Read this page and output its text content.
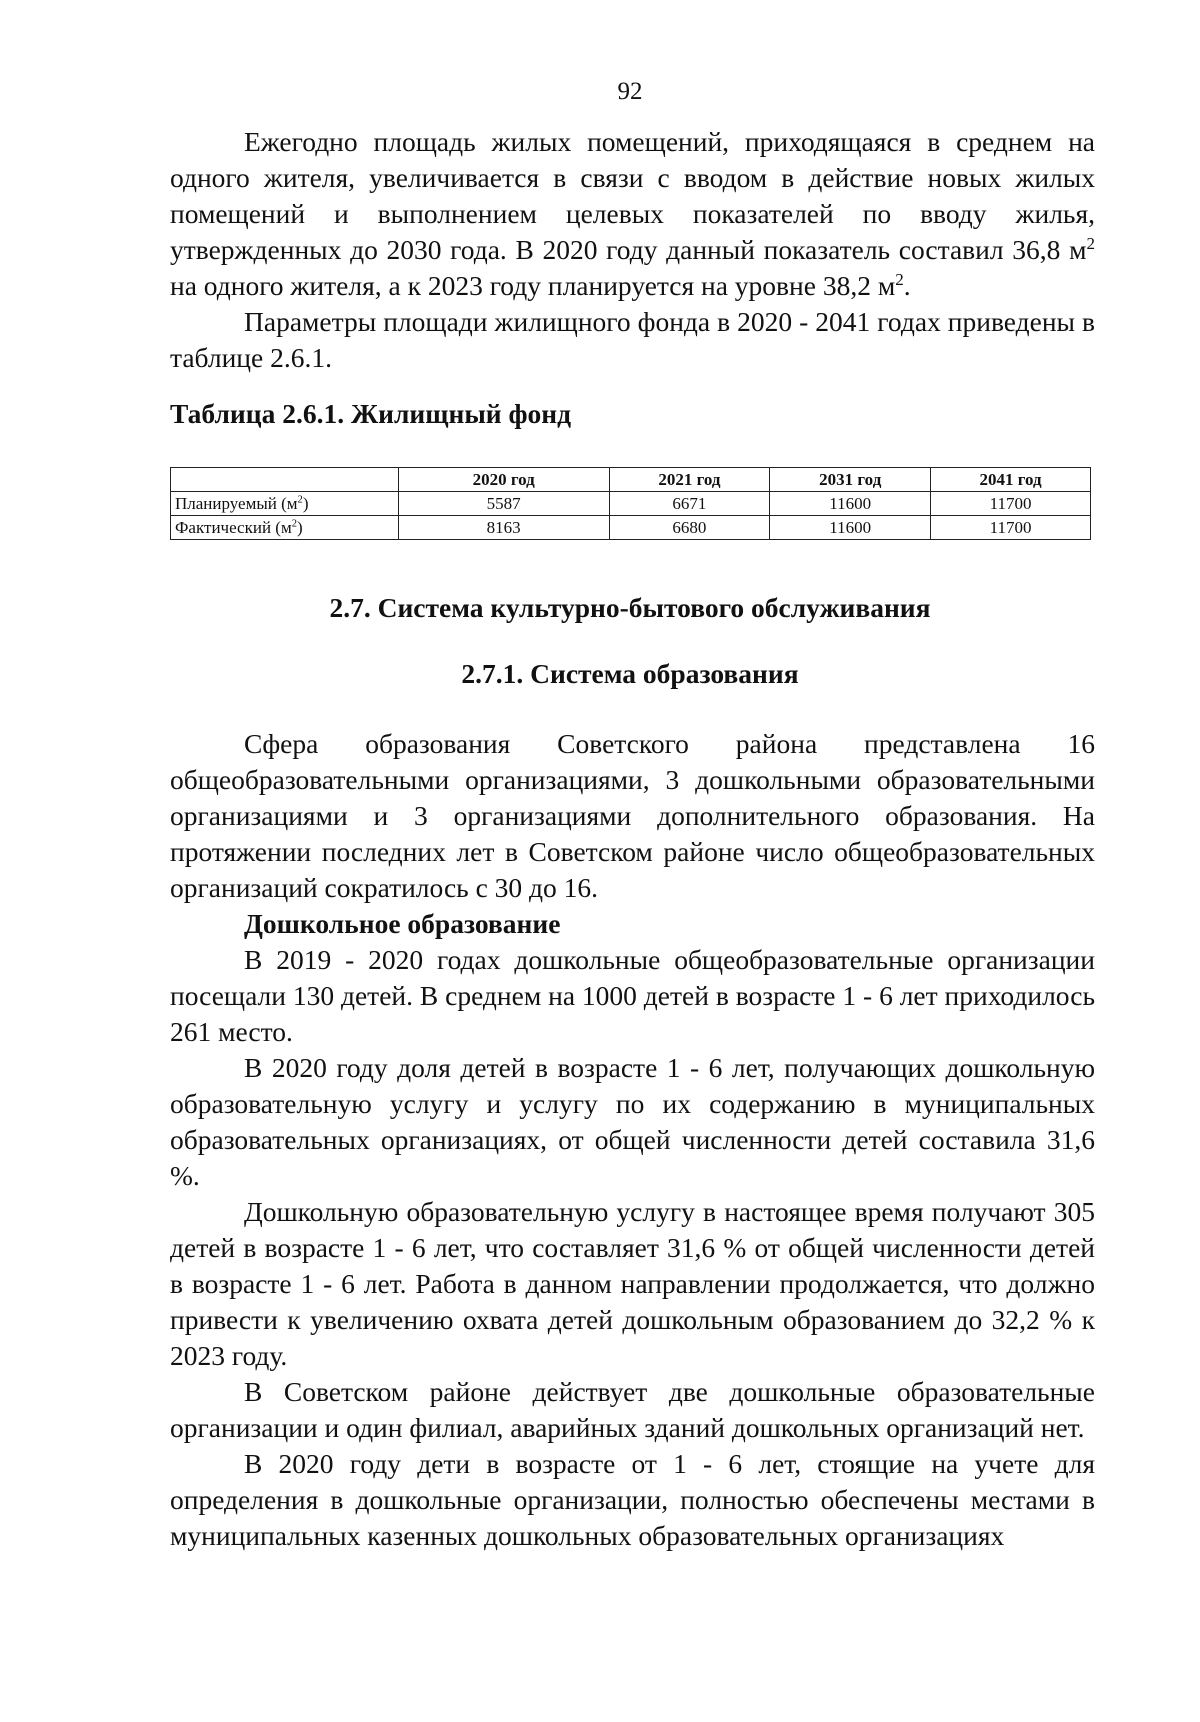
92

Ежегодно площадь жилых помещений, приходящаяся в среднем на одного жителя, увеличивается в связи с вводом в действие новых жилых помещений и выполнением целевых показателей по вводу жилья, утвержденных до 2030 года. В 2020 году данный показатель составил 36,8 $м^2$ на одного жителя, а к 2023 году планируется на уровне 38,2 $м^2$.

Параметры площади жилищного фонда в 2020 - 2041 годах приведены в таблице 2.6.1.

Таблица 2.6.1. Жилищный фонд
	2020 год	2021 год	2031 год	2041 год
Планируемый $(м^2)$	5587	6671	11600	11700
Фактический $(м^2)$	8163	6680	11600	11700
2.7. Система культурно-бытового обслуживания
2.7.1. Система образования

Сфера образования Советского района представлена 16 общеобразовательными организациями, 3 дошкольными образовательными организациями и 3 организациями дополнительного образования. На протяжении последних лет в Советском районе число общеобразовательных организаций сократилось с 30 до 16.

Дошкольное образование

В 2019 - 2020 годах дошкольные общеобразовательные организации посещали 130 детей. В среднем на 1000 детей в возрасте 1 - 6 лет приходилось 261 место.

В 2020 году доля детей в возрасте 1 - 6 лет, получающих дошкольную образовательную услугу и услугу по их содержанию в муниципальных образовательных организациях, от общей численности детей составила 31,6 %.

Дошкольную образовательную услугу в настоящее время получают 305 детей в возрасте 1 - 6 лет, что составляет 31,6 % от общей численности детей в возрасте 1 - 6 лет. Работа в данном направлении продолжается, что должно привести к увеличению охвата детей дошкольным образованием до 32,2 % к 2023 году.

В Советском районе действует две дошкольные образовательные организации и один филиал, аварийных зданий дошкольных организаций нет.

В 2020 году дети в возрасте от 1 - 6 лет, стоящие на учете для определения в дошкольные организации, полностью обеспечены местами в муниципальных казенных дошкольных образовательных организациях
